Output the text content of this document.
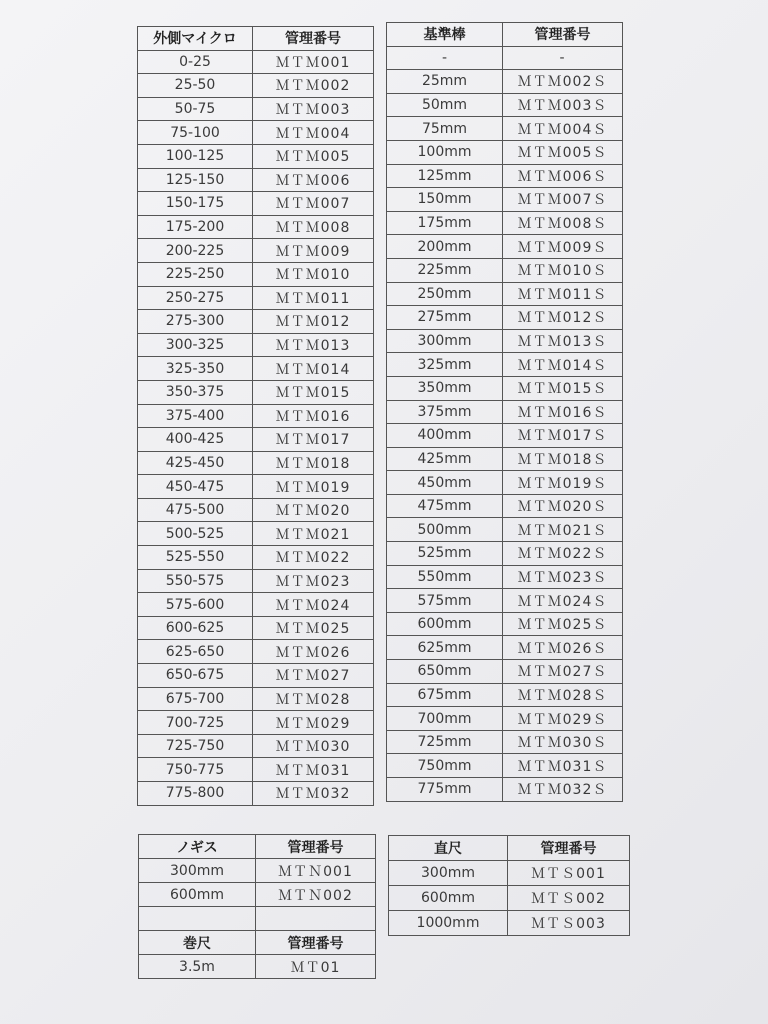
外側マイクロ	管理番号
0-25	ＭＴＭ001
25-50	ＭＴＭ002
50-75	ＭＴＭ003
75-100	ＭＴＭ004
100-125	ＭＴＭ005
125-150	ＭＴＭ006
150-175	ＭＴＭ007
175-200	ＭＴＭ008
200-225	ＭＴＭ009
225-250	ＭＴＭ010
250-275	ＭＴＭ011
275-300	ＭＴＭ012
300-325	ＭＴＭ013
325-350	ＭＴＭ014
350-375	ＭＴＭ015
375-400	ＭＴＭ016
400-425	ＭＴＭ017
425-450	ＭＴＭ018
450-475	ＭＴＭ019
475-500	ＭＴＭ020
500-525	ＭＴＭ021
525-550	ＭＴＭ022
550-575	ＭＴＭ023
575-600	ＭＴＭ024
600-625	ＭＴＭ025
625-650	ＭＴＭ026
650-675	ＭＴＭ027
675-700	ＭＴＭ028
700-725	ＭＴＭ029
725-750	ＭＴＭ030
750-775	ＭＴＭ031
775-800	ＭＴＭ032
基準棒	管理番号
-	-
25mm	ＭＴＭ002Ｓ
50mm	ＭＴＭ003Ｓ
75mm	ＭＴＭ004Ｓ
100mm	ＭＴＭ005Ｓ
125mm	ＭＴＭ006Ｓ
150mm	ＭＴＭ007Ｓ
175mm	ＭＴＭ008Ｓ
200mm	ＭＴＭ009Ｓ
225mm	ＭＴＭ010Ｓ
250mm	ＭＴＭ011Ｓ
275mm	ＭＴＭ012Ｓ
300mm	ＭＴＭ013Ｓ
325mm	ＭＴＭ014Ｓ
350mm	ＭＴＭ015Ｓ
375mm	ＭＴＭ016Ｓ
400mm	ＭＴＭ017Ｓ
425mm	ＭＴＭ018Ｓ
450mm	ＭＴＭ019Ｓ
475mm	ＭＴＭ020Ｓ
500mm	ＭＴＭ021Ｓ
525mm	ＭＴＭ022Ｓ
550mm	ＭＴＭ023Ｓ
575mm	ＭＴＭ024Ｓ
600mm	ＭＴＭ025Ｓ
625mm	ＭＴＭ026Ｓ
650mm	ＭＴＭ027Ｓ
675mm	ＭＴＭ028Ｓ
700mm	ＭＴＭ029Ｓ
725mm	ＭＴＭ030Ｓ
750mm	ＭＴＭ031Ｓ
775mm	ＭＴＭ032Ｓ
ノギス	管理番号
300mm	ＭＴＮ001
600mm	ＭＴＮ002

巻尺	管理番号
3.5m	ＭＴ01
直尺	管理番号
300mm	ＭＴＳ001
600mm	ＭＴＳ002
1000mm	ＭＴＳ003
